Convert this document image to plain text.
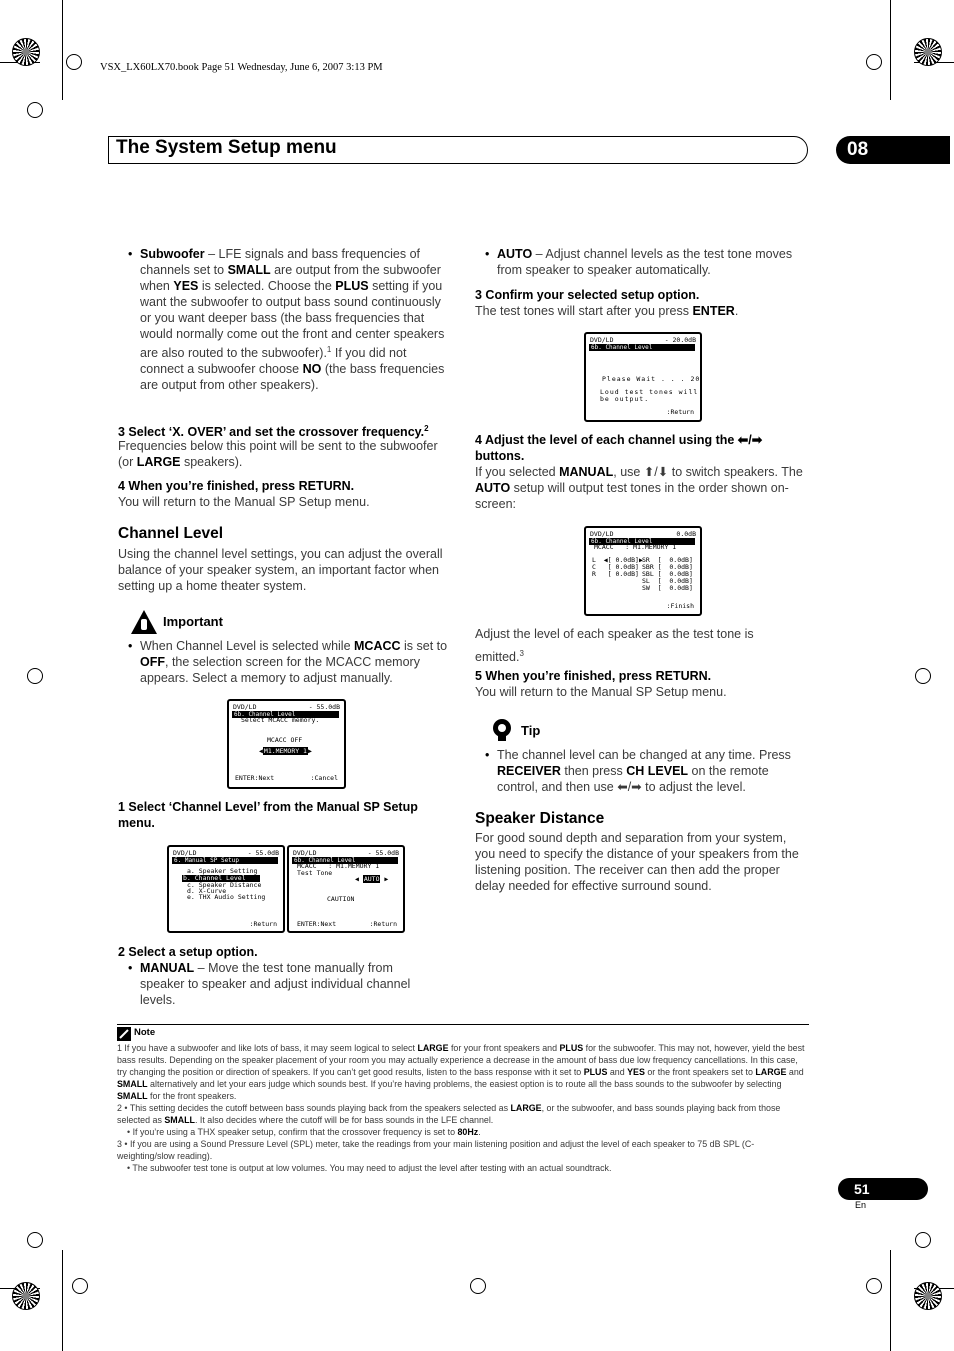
VSX_LX60LX70.book Page 51 Wednesday, June 6, 2007 3:13 PM
The System Setup menu	08
• Subwoofer – LFE signals and bass frequencies of channels set to SMALL are output from the subwoofer when YES is selected. Choose the PLUS setting if you want the subwoofer to output bass sound continuously or you want deeper bass (the bass frequencies that would normally come out the front and center speakers are also routed to the subwoofer).$^1$ If you did not connect a subwoofer choose NO (the bass frequencies are output from other speakers).
3 Select ‘X. OVER’ and set the crossover frequency.$^2$
Frequencies below this point will be sent to the subwoofer (or LARGE speakers).
4 When you’re finished, press RETURN.
You will return to the Manual SP Setup menu.
Channel Level
Using the channel level settings, you can adjust the overall balance of your speaker system, an important factor when setting up a home theater system.
Important
• When Channel Level is selected while MCACC is set to OFF, the selection screen for the MCACC memory appears. Select a memory to adjust manually.
DVD/LD	- 55.0dB
6b. Channel Level
Select MCACC memory.
MCACC OFF
◀M1.MEMORY 1▶
ENTER:Next	:Cancel
1 Select ‘Channel Level’ from the Manual SP Setup menu.
DVD/LD	- 55.0dB
6. Manual SP Setup
a. Speaker Setting
b. Channel Level
c. Speaker Distance
d. X-Curve
e. THX Audio Setting
:Return
DVD/LD	- 55.0dB
6b. Channel Level
MCACC   : M1.MEMORY 1
Test Tone
◀ AUTO ▶
CAUTION
ENTER:Next	:Return
2 Select a setup option.
• MANUAL – Move the test tone manually from speaker to speaker and adjust individual channel levels.
• AUTO – Adjust channel levels as the test tone moves from speaker to speaker automatically.
3 Confirm your selected setup option.
The test tones will start after you press ENTER.
DVD/LD	- 20.0dB
6b. Channel Level
Please Wait . . . 20
Loud test tones will
be output.
:Return
4 Adjust the level of each channel using the ⬅/➡
buttons.
If you selected MANUAL, use ⬆/⬇ to switch speakers. The AUTO setup will output test tones in the order shown on-screen:
DVD/LD	0.0dB
6b. Channel Level
MCACC   : M1.MEMORY 1
L  ◀[ 0.0dB]▶
C   [ 0.0dB]
R   [ 0.0dB]
SR  [  0.0dB]
SBR [  0.0dB]
SBL [  0.0dB]
SL  [  0.0dB]
SW  [  0.0dB]
:Finish
Adjust the level of each speaker as the test tone is emitted.$^3$
5 When you’re finished, press RETURN.
You will return to the Manual SP Setup menu.
Tip
• The channel level can be changed at any time. Press RECEIVER then press CH LEVEL on the remote control, and then use ⬅/➡ to adjust the level.
Speaker Distance
For good sound depth and separation from your system, you need to specify the distance of your speakers from the listening position. The receiver can then add the proper delay needed for effective surround sound.
Note
1 If you have a subwoofer and like lots of bass, it may seem logical to select LARGE for your front speakers and PLUS for the subwoofer. This may not, however, yield the best bass results. Depending on the speaker placement of your room you may actually experience a decrease in the amount of bass due low frequency cancellations. In this case, try changing the position or direction of speakers. If you can’t get good results, listen to the bass response with it set to PLUS and YES or the front speakers set to LARGE and SMALL alternatively and let your ears judge which sounds best. If you’re having problems, the easiest option is to route all the bass sounds to the subwoofer by selecting SMALL for the front speakers.
2 • This setting decides the cutoff between bass sounds playing back from the speakers selected as LARGE, or the subwoofer, and bass sounds playing back from those selected as SMALL. It also decides where the cutoff will be for bass sounds in the LFE channel.
• If you’re using a THX speaker setup, confirm that the crossover frequency is set to 80Hz.
3 • If you are using a Sound Pressure Level (SPL) meter, take the readings from your main listening position and adjust the level of each speaker to 75 dB SPL (C-weighting/slow reading).
• The subwoofer test tone is output at low volumes. You may need to adjust the level after testing with an actual soundtrack.
51
En
